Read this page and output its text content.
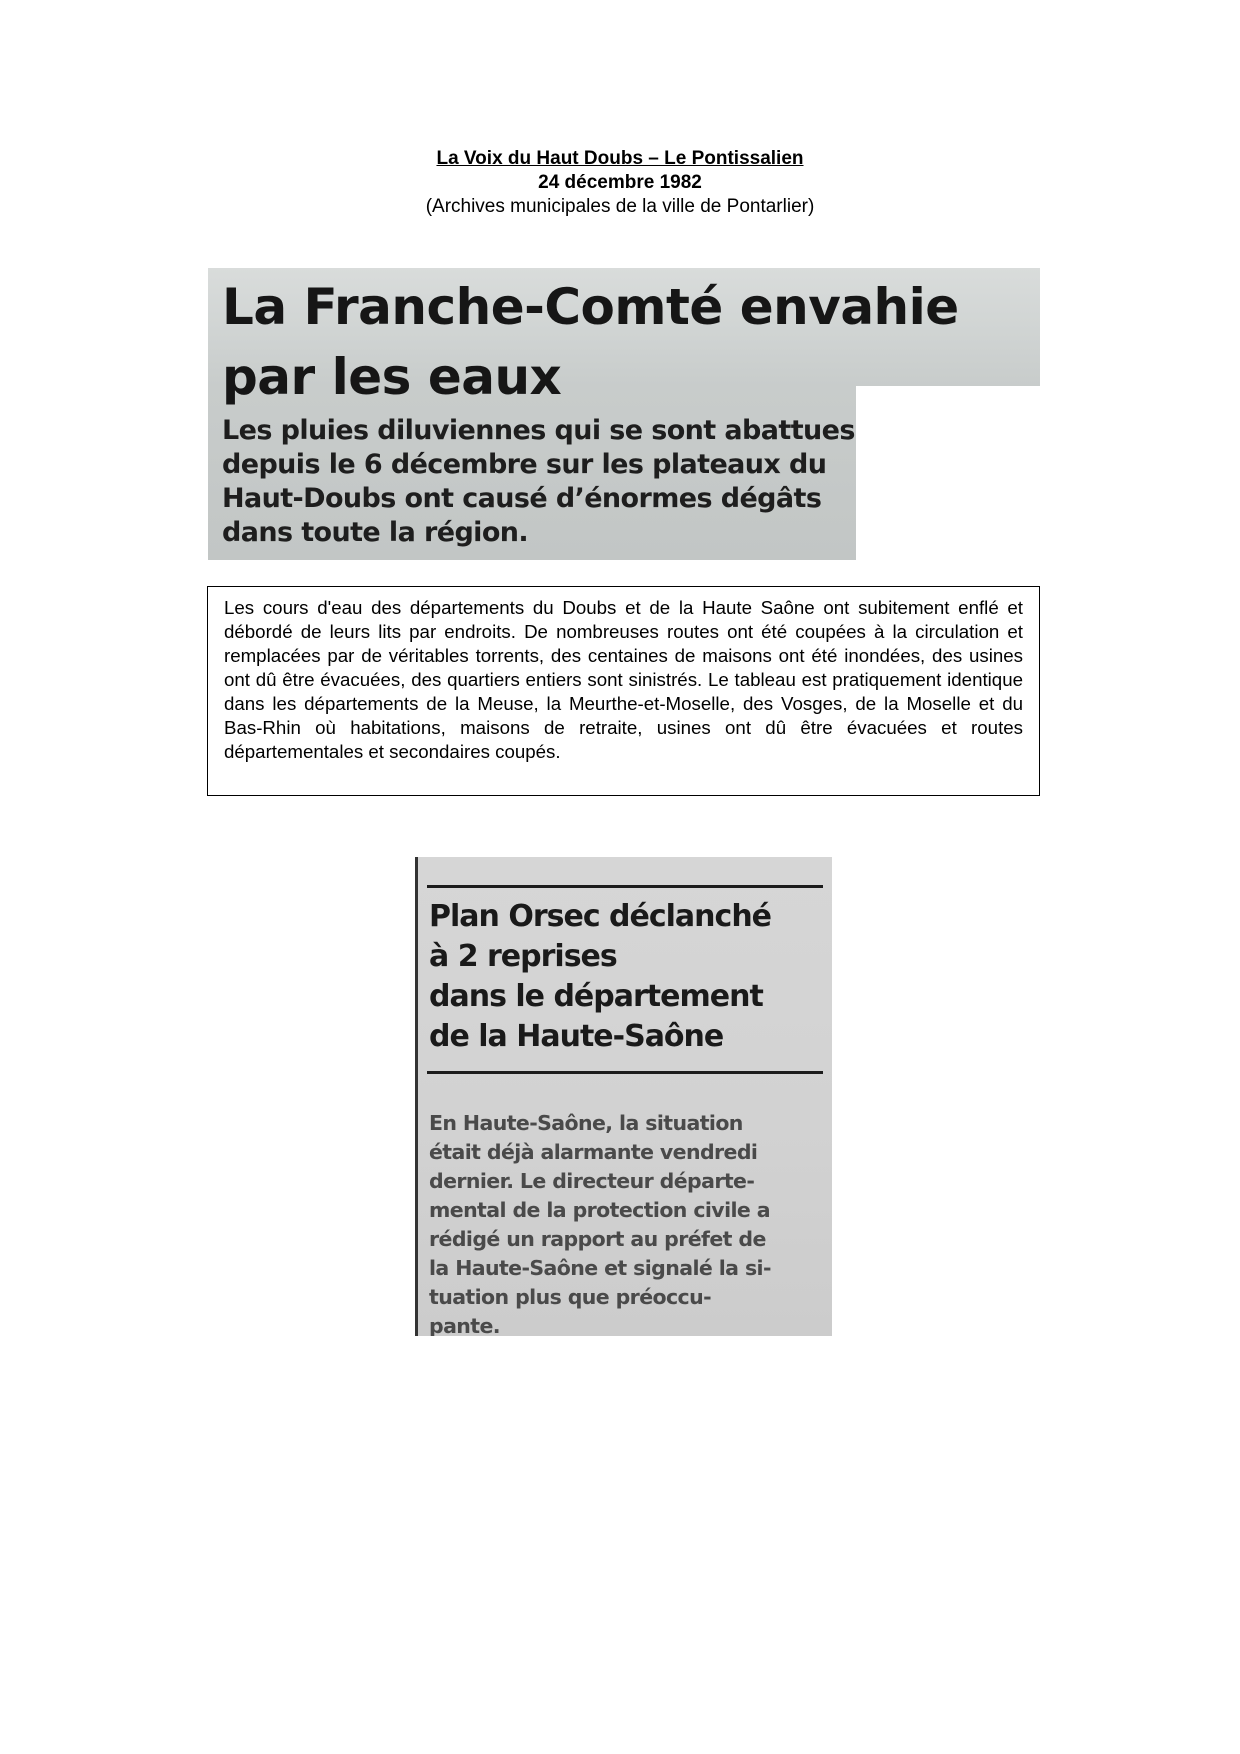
La Voix du Haut Doubs – Le Pontissalien
24 décembre 1982
(Archives municipales de la ville de Pontarlier)
La Franche-Comté envahie
par les eaux

Les pluies diluviennes qui se sont abattues
depuis le 6 décembre sur les plateaux du
Haut-Doubs ont causé d’énormes dégâts
dans toute la région.

Les cours d'eau des départements du Doubs et de la Haute Saône ont subitement enflé et débordé de leurs lits par endroits. De nombreuses routes ont été coupées à la circulation et remplacées par de véritables torrents, des centaines de maisons ont été inondées, des usines ont dû être évacuées, des quartiers entiers sont sinistrés. Le tableau est pratiquement identique dans les départements de la Meuse, la Meurthe-et-Moselle, des Vosges, de la Moselle et du Bas-Rhin où habitations, maisons de retraite, usines ont dû être évacuées et routes départementales et secondaires coupés.

Plan Orsec déclanché
à 2 reprises
dans le département
de la Haute-Saône

En Haute-Saône, la situation
était déjà alarmante vendredi
dernier. Le directeur départe-
mental de la protection civile a
rédigé un rapport au préfet de
la Haute-Saône et signalé la si-
tuation plus que préoccu-
pante.
